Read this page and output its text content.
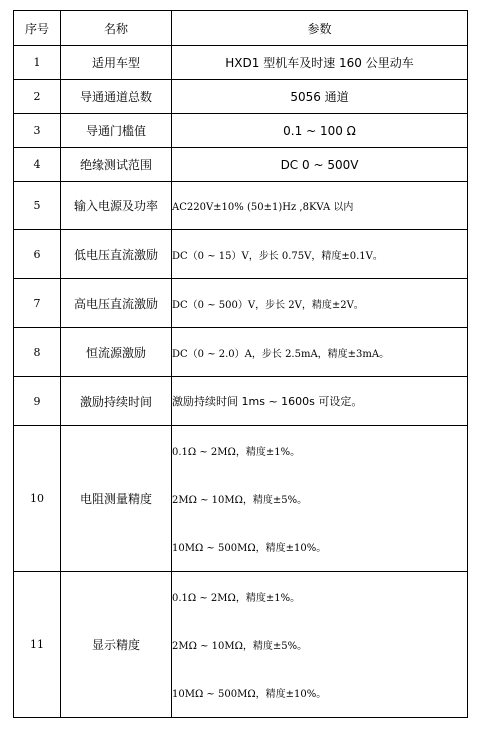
序号	名称	参数
1	适用车型	HXD1 型机车及时速 160 公里动车
2	导通通道总数	5056 通道
3	导通门槛值	0.1 ~ 100 Ω
4	绝缘测试范围	DC 0 ~ 500V
5	输入电源及功率	AC220V±10% (50±1)Hz ,8KVA 以内
6	低电压直流激励	DC（0 ~ 15）V，步长 0.75V，精度±0.1V。
7	高电压直流激励	DC（0 ~ 500）V，步长 2V，精度±2V。
8	恒流源激励	DC（0 ~ 2.0）A，步长 2.5mA，精度±3mA。
9	激励持续时间	激励持续时间 1ms ~ 1600s 可设定。
10	电阻测量精度	0.1Ω ~ 2MΩ，精度±1%。
2MΩ ~ 10MΩ，精度±5%。
10MΩ ~ 500MΩ，精度±10%。

11	显示精度	0.1Ω ~ 2MΩ，精度±1%。
2MΩ ~ 10MΩ，精度±5%。
10MΩ ~ 500MΩ，精度±10%。
